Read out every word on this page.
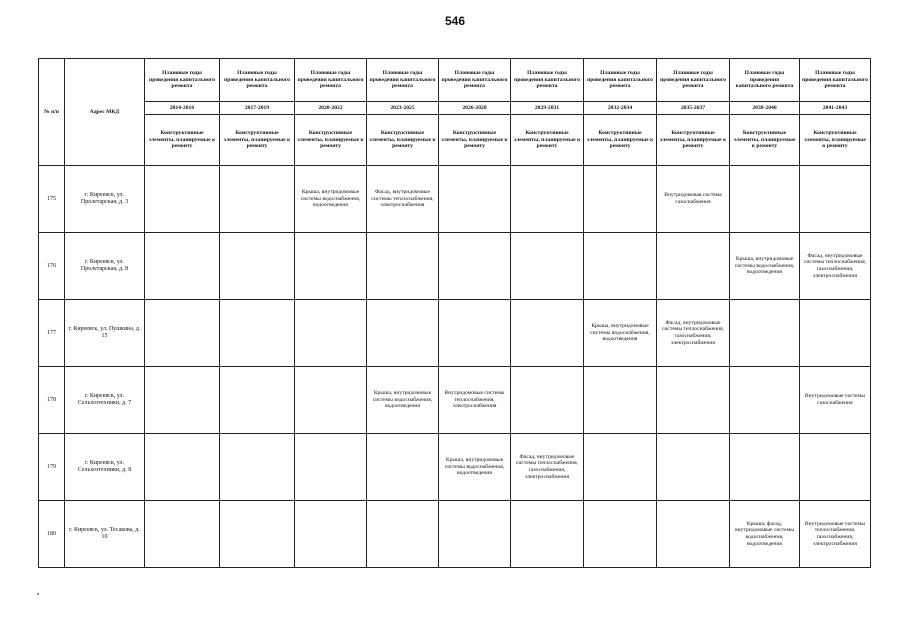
546
№ п/п	Адрес МКД	Плановые годы проведения капитального ремонта	Плановые годы проведения капитального ремонта	Плановые годы проведения капитального ремонта	Плановые годы проведения капитального ремонта	Плановые годы проведения капитального ремонта	Плановые годы проведения капитального ремонта	Плановые годы проведения капитального ремонта	Плановые годы проведения капитального ремонта	Плановые годы проведения капитального ремонта	Плановые годы проведения капитального ремонта
		2014-2016	2017-2019	2020-2022	2023-2025	2026-2028	2029-2031	2032-2034	2035-2037	2038-2040	2041-2043
		Конструктивные элементы, планируемые к ремонту	Конструктивные элементы, планируемые к ремонту	Конструктивные элементы, планируемые к ремонту	Конструктивные элементы, планируемые к ремонту	Конструктивные элементы, планируемые к ремонту	Конструктивные элементы, планируемые к ремонту	Конструктивные элементы, планируемые к ремонту	Конструктивные элементы, планируемые к ремонту	Конструктивные элементы, планируемые к ремонту	Конструктивные элементы, планируемые к ремонту
175	г. Киреевск, ул. Пролетарская, д. 3			Крыша, внутридомовые системы водоснабжения, водоотведения	Фасад, внутридомовые системы теплоснабжения, электроснабжения				Внутридомовая система газоснабжения		
176	г. Киреевск, ул. Пролетарская, д. 8									Крыша, внутридомовые системы водоснабжения, водоотведения	Фасад, внутридомовые системы теплоснабжения, газоснабжения, электроснабжения
177	г. Киреевск, ул. Пушкина, д. 15							Крыша, внутридомовые системы водоснабжения, водоотведения	Фасад, внутридомовые системы теплоснабжения, газоснабжения, электроснабжения		
178	г. Киреевск, ул. Сельхозтехники, д. 7				Крыша, внутридомовые системы водоснабжения, водоотведения	Внутридомовые системы теплоснабжения, электроснабжения					Внутридомовые системы газоснабжения
179	г. Киреевск, ул. Сельхозтехники, д. 8					Крыша, внутридомовые системы водоснабжения, водоотведения	Фасад, внутридомовые системы теплоснабжения, газоснабжения, электроснабжения				
180	г. Киреевск, ул. Тесакова, д. 10									Крыша, фасад, внутридомовые системы водоснабжения, водоотведения	Внутридомовые системы теплоснабжения, газоснабжения, электроснабжения
